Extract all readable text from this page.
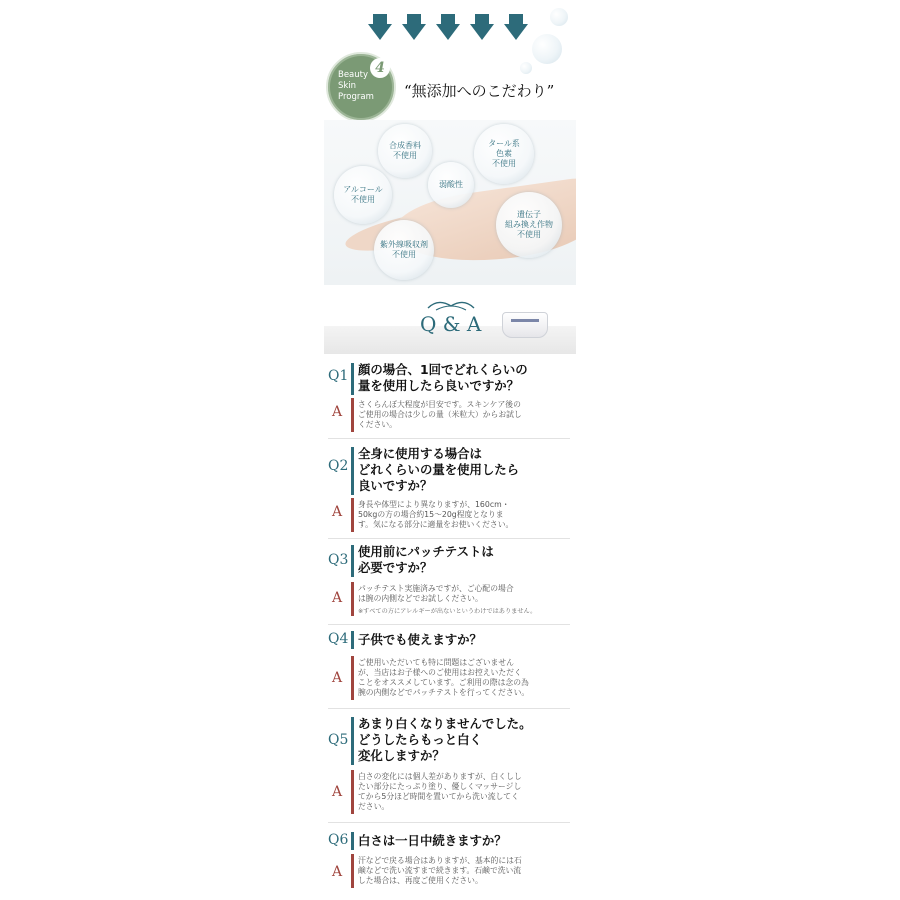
Beauty
Skin
Program
4
“無添加へのこだわり”
合成香料
不使用
タール系
色素
不使用
アルコール
不使用
弱酸性
遺伝子
組み換え作物
不使用
紫外線吸収剤
不使用
Q & A
Q1 顔の場合、1回でどれくらいの
量を使用したら良いですか？
A さくらんぼ大程度が目安です。スキンケア後の
ご使用の場合は少しの量（米粒大）からお試し
ください。
Q2
全身に使用する場合は
どれくらいの量を使用したら
良いですか？
A 身長や体型により異なりますが、160cm・
50kgの方の場合約15〜20g程度となりま
す。気になる部分に適量をお使いください。
Q3
使用前にパッチテストは
必要ですか？
A
パッチテスト実施済みですが、ご心配の場合
は腕の内側などでお試しください。
※すべての方にアレルギーが出ないというわけではありません。
Q4 子供でも使えますか？
A
ご使用いただいても特に問題はございません
が、当店はお子様へのご使用はお控えいただく
ことをオススメしています。ご利用の際は念の為
腕の内側などでパッチテストを行ってください。
Q5
あまり白くなりませんでした。
どうしたらもっと白く
変化しますか？
A
白さの変化には個人差がありますが、白くしし
たい部分にたっぷり塗り、優しくマッサージし
てから5分ほど時間を置いてから洗い流してく
ださい。
Q6 白さは一日中続きますか？
A
汗などで戻る場合はありますが、基本的には石
鹸などで洗い流すまで続きます。石鹸で洗い流
した場合は、再度ご使用ください。
